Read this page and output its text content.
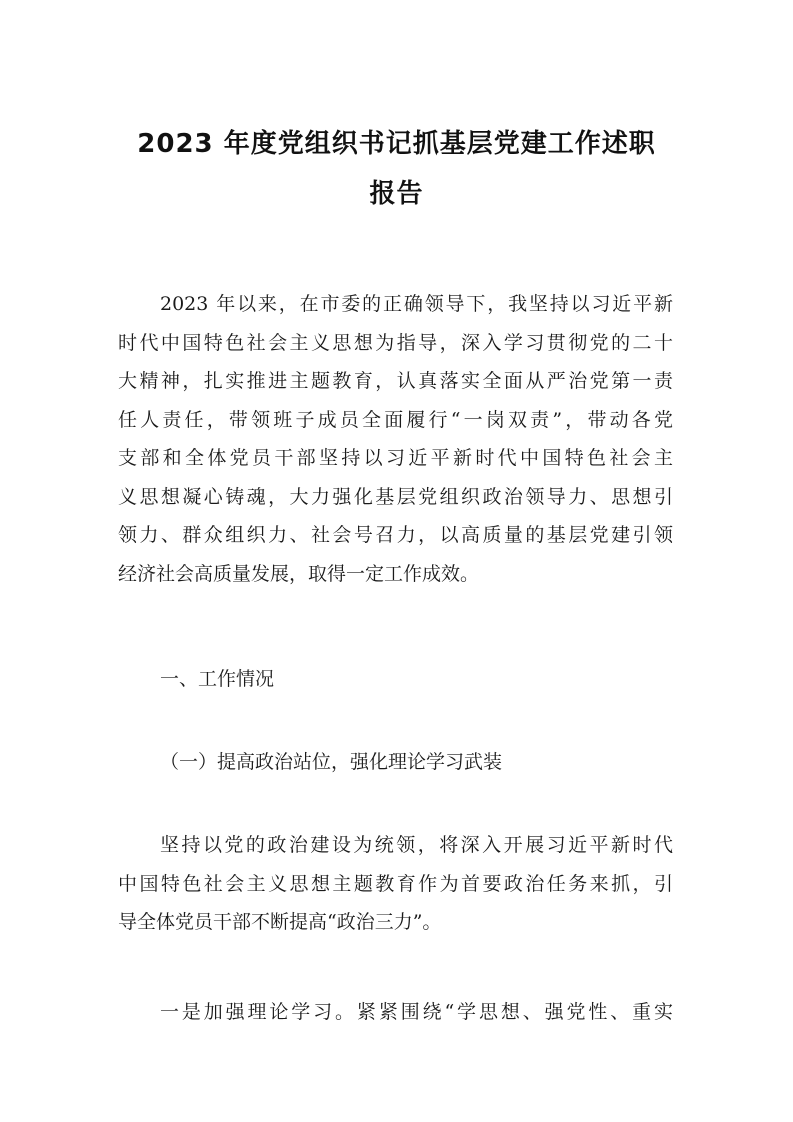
2023 年度党组织书记抓基层党建工作述职
报告
2023 年以来，在市委的正确领导下，我坚持以习近平新
时代中国特色社会主义思想为指导，深入学习贯彻党的二十
大精神，扎实推进主题教育，认真落实全面从严治党第一责
任人责任，带领班子成员全面履行“一岗双责”，带动各党
支部和全体党员干部坚持以习近平新时代中国特色社会主
义思想凝心铸魂，大力强化基层党组织政治领导力、思想引
领力、群众组织力、社会号召力，以高质量的基层党建引领
经济社会高质量发展，取得一定工作成效。
一、工作情况
（一）提高政治站位，强化理论学习武装
坚持以党的政治建设为统领，将深入开展习近平新时代
中国特色社会主义思想主题教育作为首要政治任务来抓，引
导全体党员干部不断提高“政治三力”。
一是加强理论学习。紧紧围绕“学思想、强党性、重实
